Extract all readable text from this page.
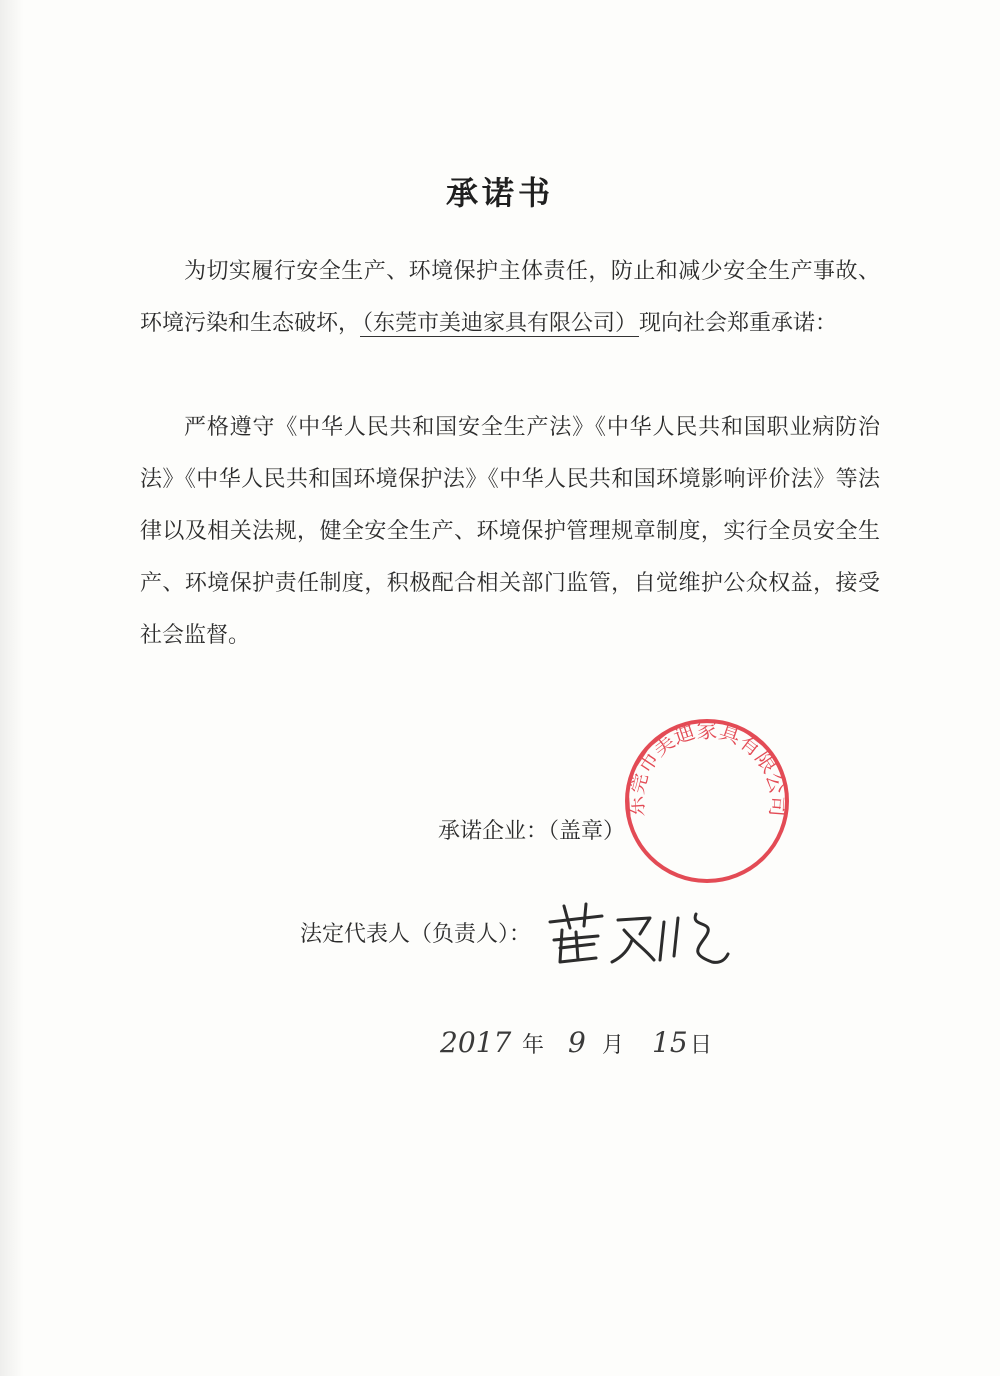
承诺书

为切实履行安全生产、环境保护主体责任，防止和减少安全生产事故、环境污染和生态破坏，（东莞市美迪家具有限公司）现向社会郑重承诺：

严格遵守《中华人民共和国安全生产法》《中华人民共和国职业病防治法》《中华人民共和国环境保护法》《中华人民共和国环境影响评价法》等法律以及相关法规，健全安全生产、环境保护管理规章制度，实行全员安全生产、环境保护责任制度，积极配合相关部门监管，自觉维护公众权益，接受社会监督。

东莞市美迪家具有限公司
承诺企业：（盖章）
法定代表人（负责人）：
2017 年 9 月 15 日
